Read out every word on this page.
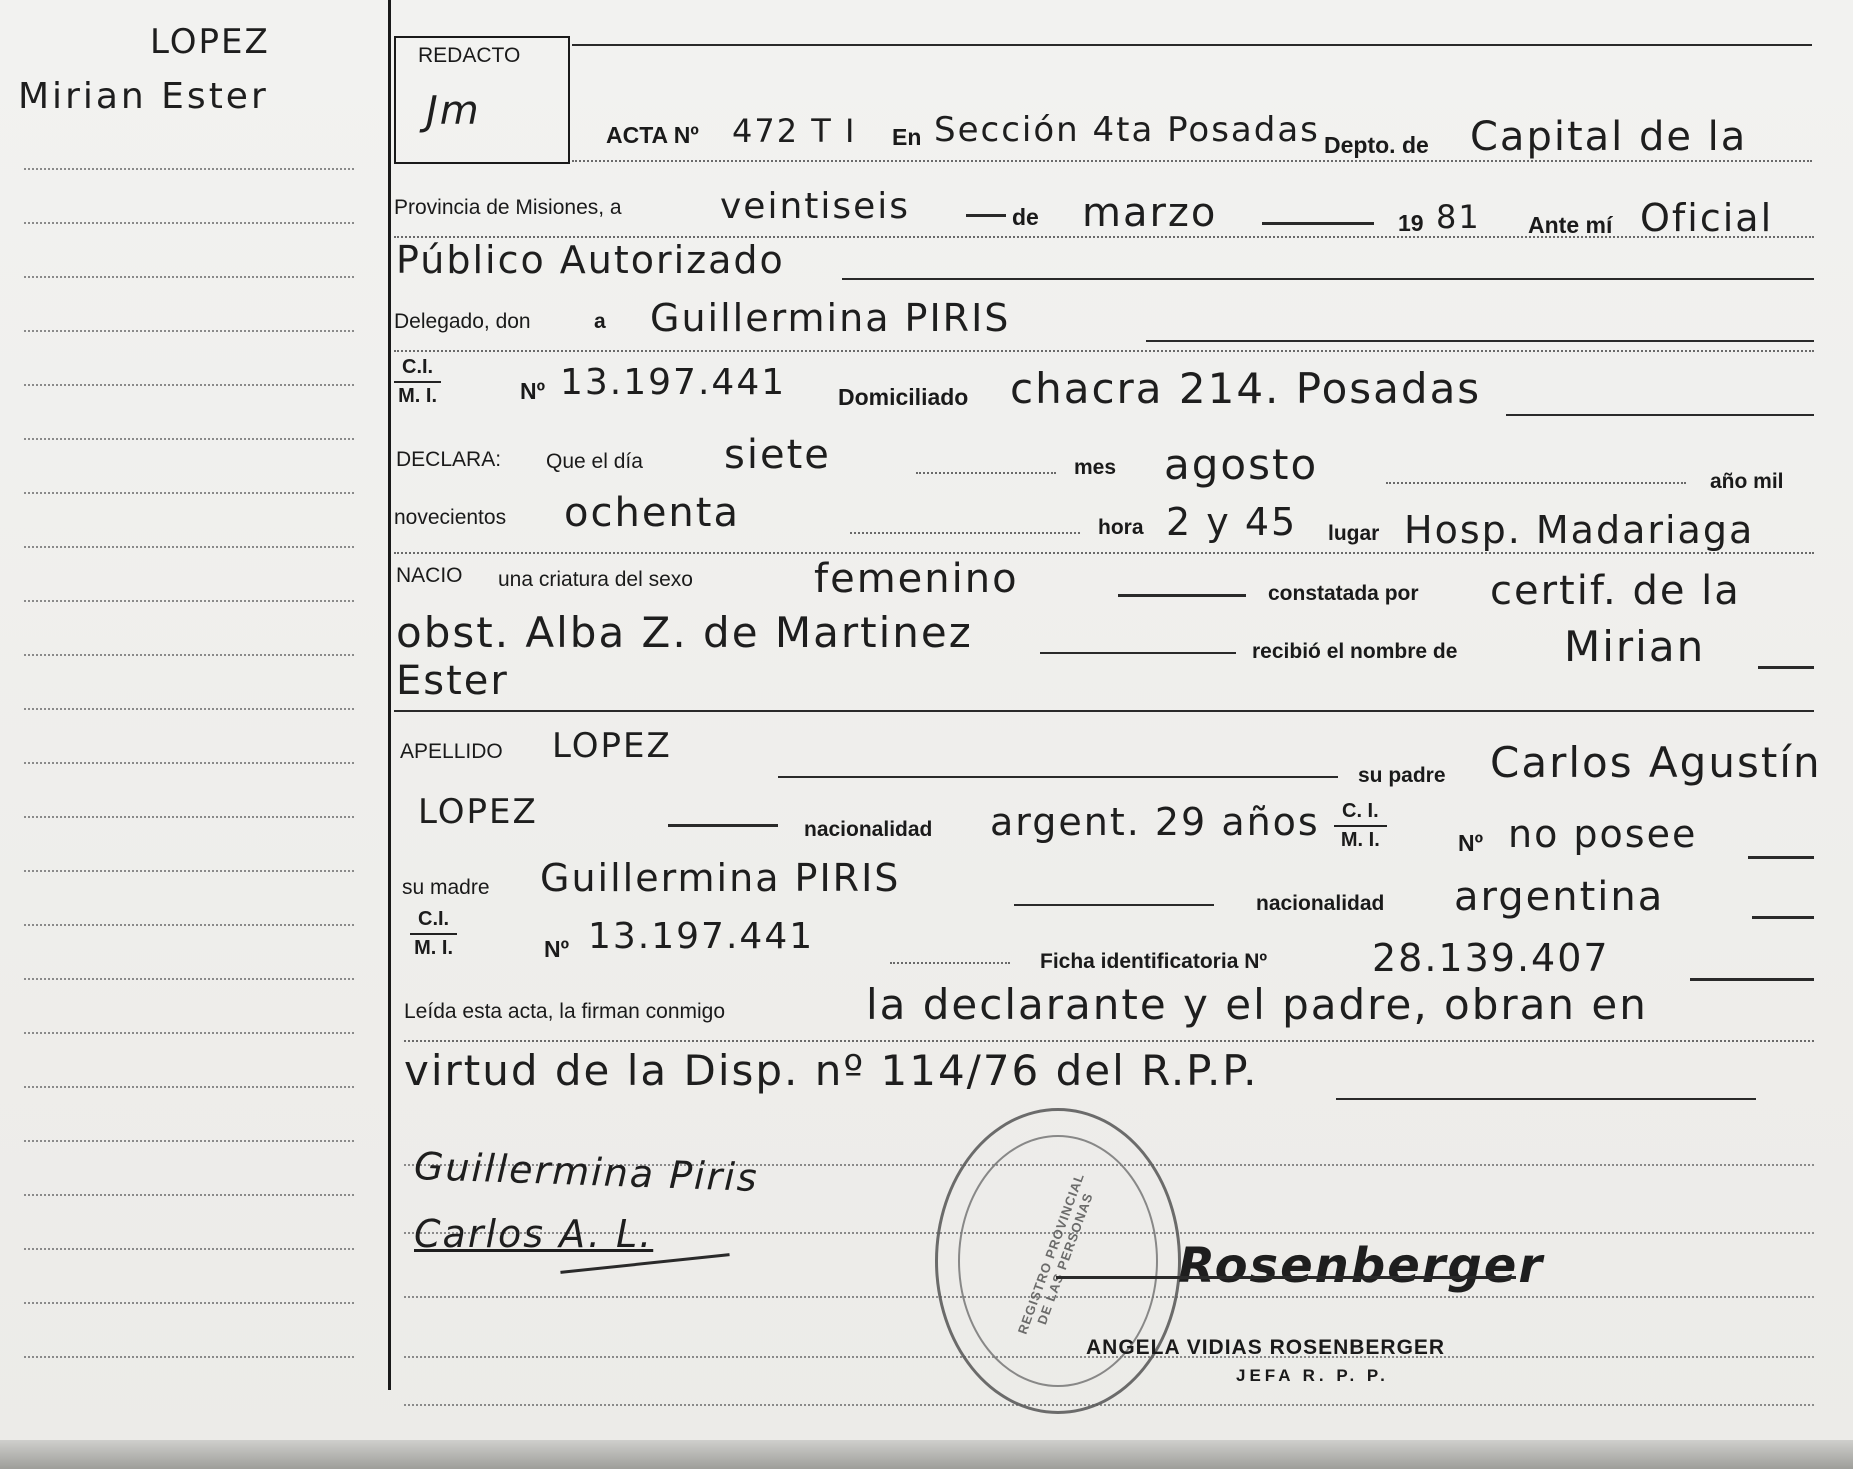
LOPEZ
Mirian Ester
REDACTO
Jm
ACTA Nº 472 T I En Sección 4ta Posadas Depto. de Capital de la
Provincia de Misiones, a	veintiseis	de marzo	19 81 Ante mí Oficial
Público Autorizado
Delegado, don	a Guillermina PIRIS
$\frac{C.I.}{M. I.}$	Nº 13.197.441 Domiciliado chacra 214. Posadas
DECLARA: Que el día siete	mes agosto	año mil
novecientos ochenta	hora 2 y 45 lugar Hosp. Madariaga
NACIO una criatura del sexo	femenino	constatada por certif. de la
obst. Alba Z. de Martinez	recibió el nombre de	Mirian
Ester
APELLIDO LOPEZ
su padre Carlos Agustín
LOPEZ	nacionalidad argent. 29 años $\frac{C. I.}{M. I.}$	Nº no posee
su madre Guillermina PIRIS
nacionalidad argentina
$\frac{C.I.}{M. I.}$	Nº 13.197.441
Ficha identificatoria Nº	28.139.407
Leída esta acta, la firman conmigo	la declarante y el padre, obran en
virtud de la Disp. nº 114/76 del R.P.P.
Guillermina Piris
Carlos A. L.	REGISTRO PROVINCIAL DE LAS PERSONAS Rosenberger
ANGELA VIDIAS ROSENBERGER
JEFA R. P. P.
